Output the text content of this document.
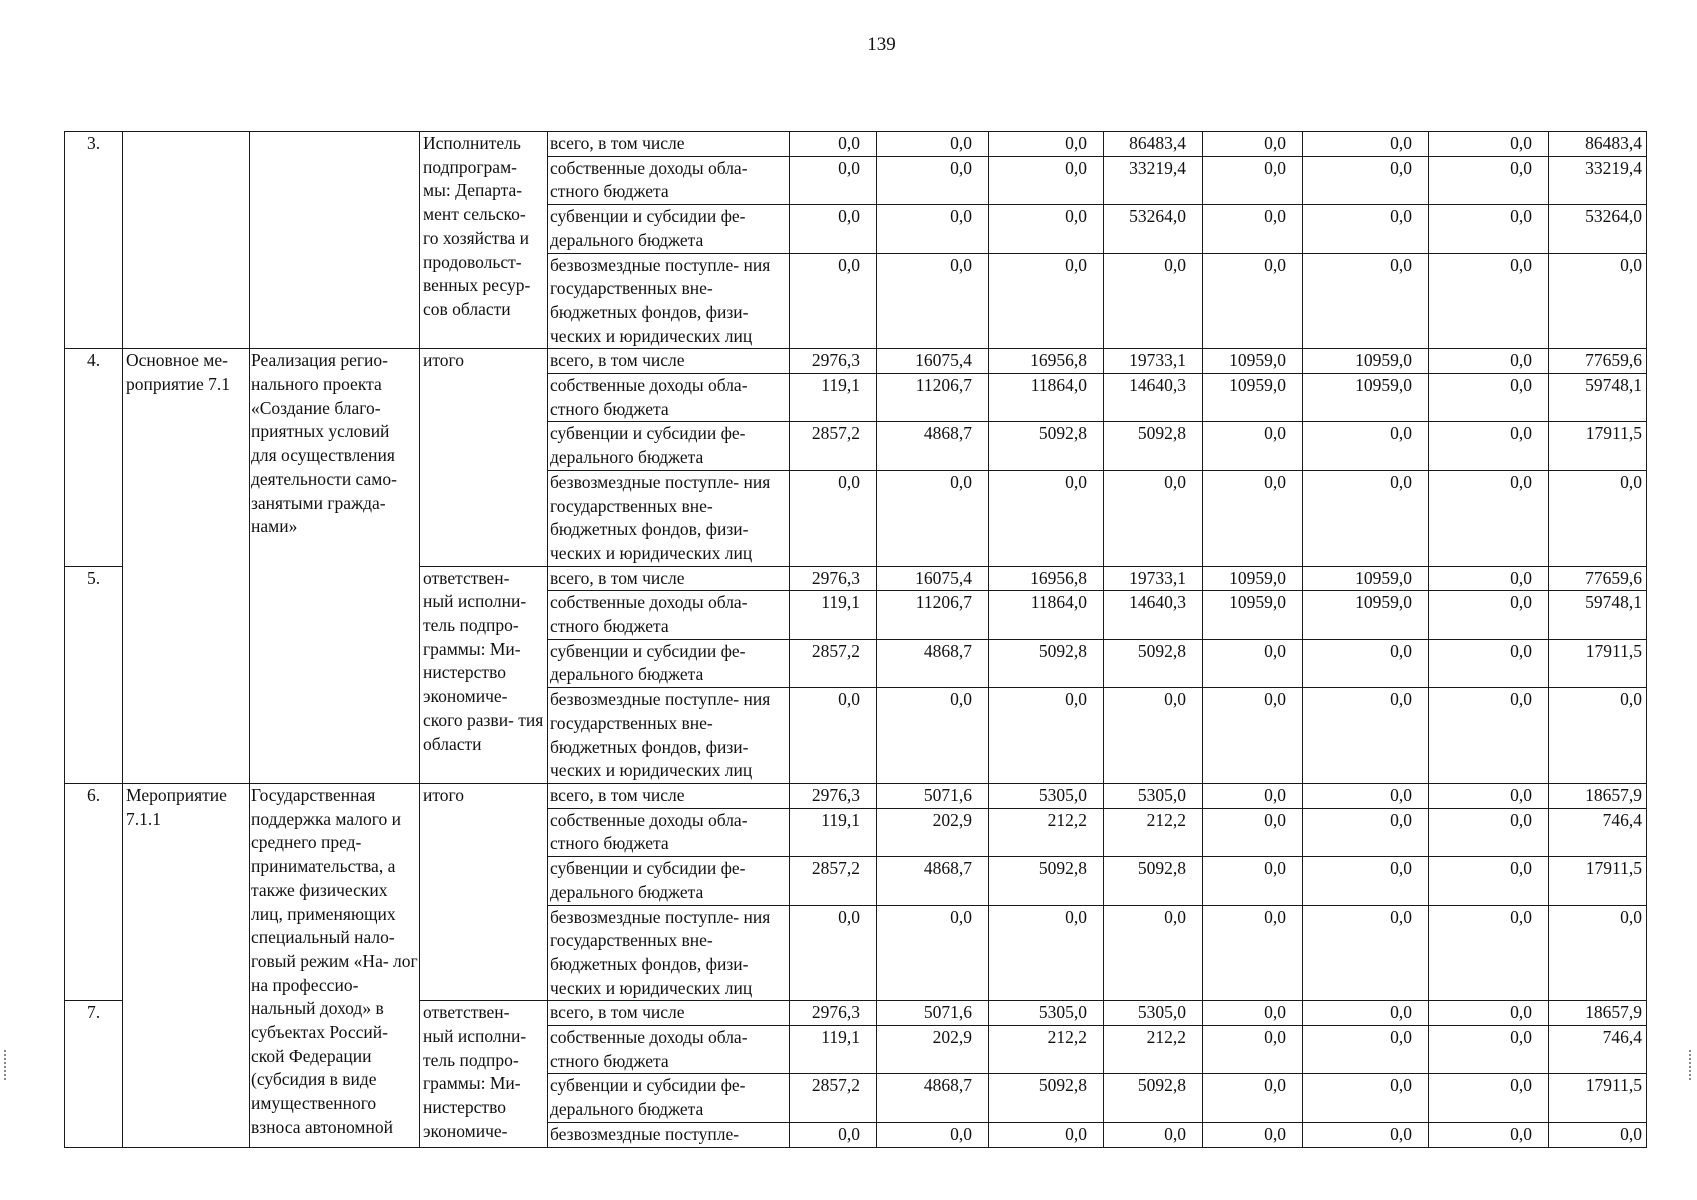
139
3.			Исполнитель подпрограм- мы: Департа- мент сельско- го хозяйства и продовольст- венных ресур- сов области	всего, в том числе	0,0	0,0	0,0	86483,4	0,0	0,0	0,0	86483,4
				собственные доходы обла- стного бюджета	0,0	0,0	0,0	33219,4	0,0	0,0	0,0	33219,4
				субвенции и субсидии фе- дерального бюджета	0,0	0,0	0,0	53264,0	0,0	0,0	0,0	53264,0
				безвозмездные поступле- ния государственных вне- бюджетных фондов, физи- ческих и юридических лиц	0,0	0,0	0,0	0,0	0,0	0,0	0,0	0,0
4.	Основное ме- роприятие 7.1	Реализация регио- нального проекта «Создание благо- приятных условий для осуществления деятельности само- занятыми гражда- нами»	итого	всего, в том числе	2976,3	16075,4	16956,8	19733,1	10959,0	10959,0	0,0	77659,6
				собственные доходы обла- стного бюджета	119,1	11206,7	11864,0	14640,3	10959,0	10959,0	0,0	59748,1
				субвенции и субсидии фе- дерального бюджета	2857,2	4868,7	5092,8	5092,8	0,0	0,0	0,0	17911,5
				безвозмездные поступле- ния государственных вне- бюджетных фондов, физи- ческих и юридических лиц	0,0	0,0	0,0	0,0	0,0	0,0	0,0	0,0
5.			ответствен- ный исполни- тель подпро- граммы: Ми- нистерство экономиче- ского разви- тия области	всего, в том числе	2976,3	16075,4	16956,8	19733,1	10959,0	10959,0	0,0	77659,6
				собственные доходы обла- стного бюджета	119,1	11206,7	11864,0	14640,3	10959,0	10959,0	0,0	59748,1
				субвенции и субсидии фе- дерального бюджета	2857,2	4868,7	5092,8	5092,8	0,0	0,0	0,0	17911,5
				безвозмездные поступле- ния государственных вне- бюджетных фондов, физи- ческих и юридических лиц	0,0	0,0	0,0	0,0	0,0	0,0	0,0	0,0
6.	Мероприятие 7.1.1	Государственная поддержка малого и среднего пред- принимательства, а также физических лиц, применяющих специальный нало- говый режим «На- лог на профессио- нальный доход» в субъектах Россий- ской Федерации (субсидия в виде имущественного взноса автономной	итого	всего, в том числе	2976,3	5071,6	5305,0	5305,0	0,0	0,0	0,0	18657,9
				собственные доходы обла- стного бюджета	119,1	202,9	212,2	212,2	0,0	0,0	0,0	746,4
				субвенции и субсидии фе- дерального бюджета	2857,2	4868,7	5092,8	5092,8	0,0	0,0	0,0	17911,5
				безвозмездные поступле- ния государственных вне- бюджетных фондов, физи- ческих и юридических лиц	0,0	0,0	0,0	0,0	0,0	0,0	0,0	0,0
7.			ответствен- ный исполни- тель подпро- граммы: Ми- нистерство экономиче-	всего, в том числе	2976,3	5071,6	5305,0	5305,0	0,0	0,0	0,0	18657,9
				собственные доходы обла- стного бюджета	119,1	202,9	212,2	212,2	0,0	0,0	0,0	746,4
				субвенции и субсидии фе- дерального бюджета	2857,2	4868,7	5092,8	5092,8	0,0	0,0	0,0	17911,5
				безвозмездные поступле-	0,0	0,0	0,0	0,0	0,0	0,0	0,0	0,0
